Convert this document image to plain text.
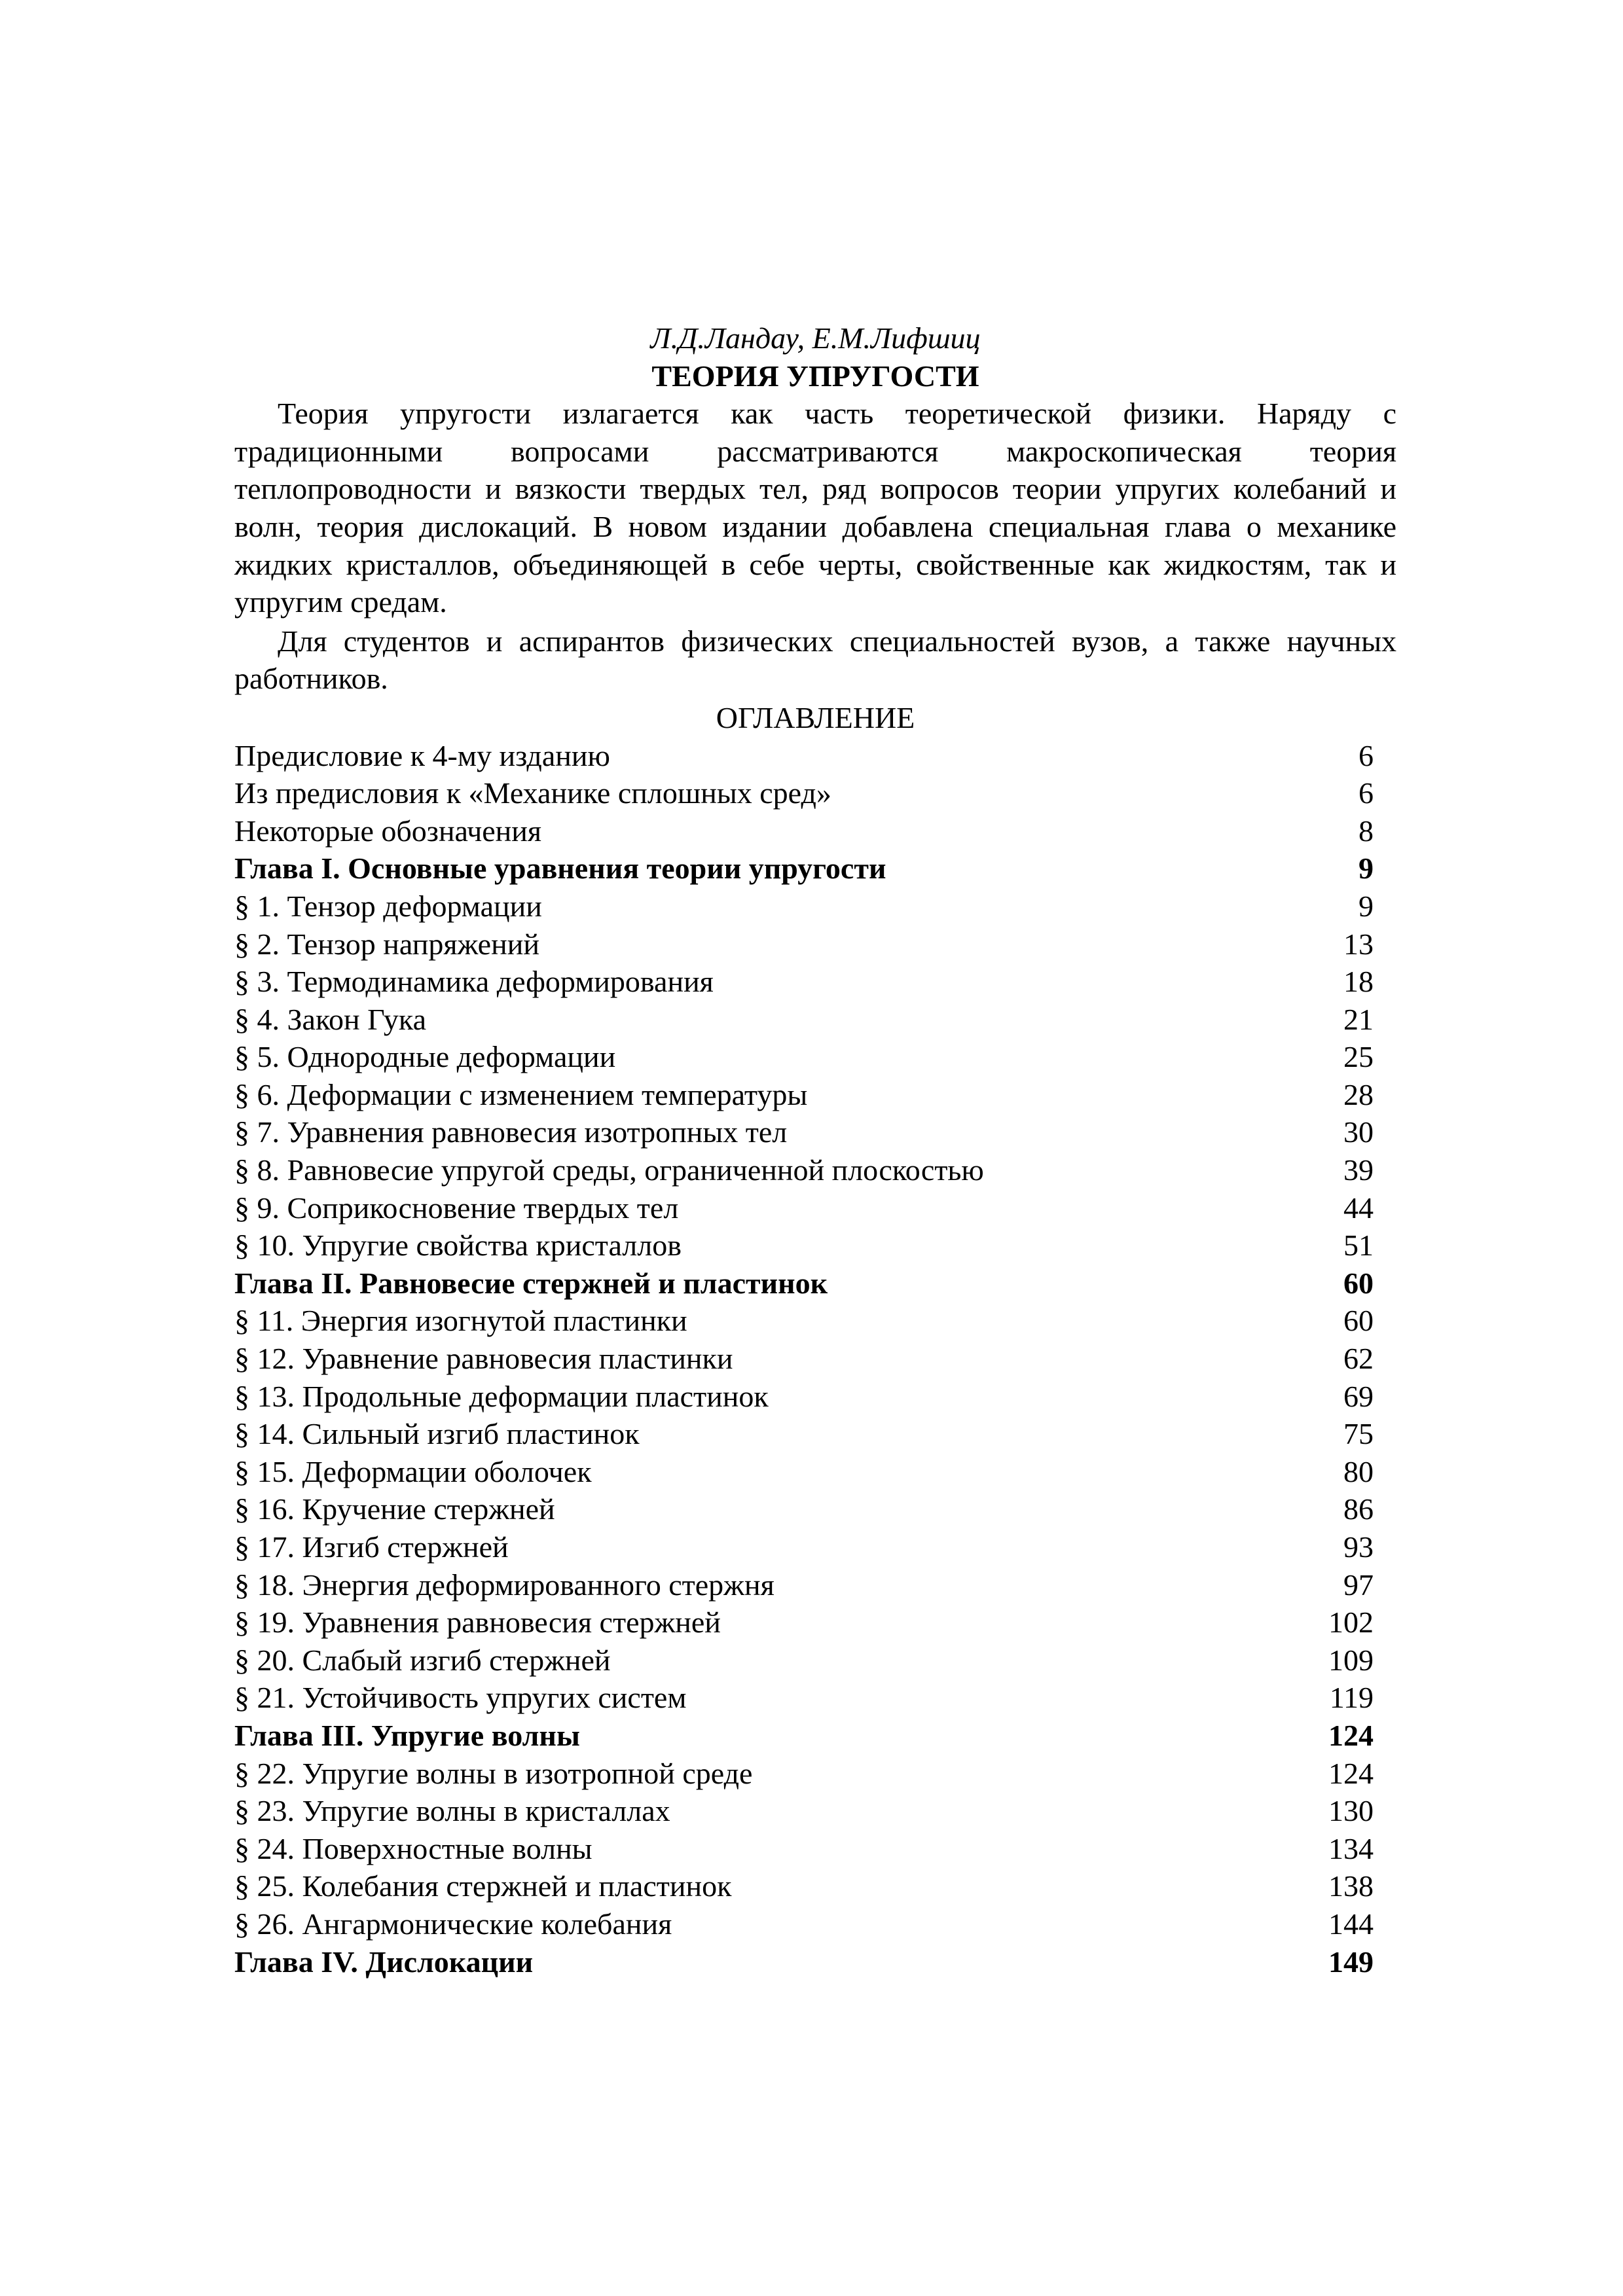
Л.Д.Ландау, Е.М.Лифшиц
ТЕОРИЯ УПРУГОСТИ

Теория упругости излагается как часть теоретической физики. Наряду с традиционными вопросами рассматриваются макроскопическая теория теплопроводности и вязкости твердых тел, ряд вопросов теории упругих колебаний и волн, теория дислокаций. В новом издании добавлена специальная глава о механике жидких кристаллов, объединяющей в себе черты, свойственные как жидкостям, так и упругим средам.

Для студентов и аспирантов физических специальностей вузов, а также научных работников.

ОГЛАВЛЕНИЕ
Предисловие к 4-му изданию	6
Из предисловия к «Механике сплошных сред»	6
Некоторые обозначения	8
Глава I. Основные уравнения теории упругости	9
§ 1. Тензор деформации	9
§ 2. Тензор напряжений	13
§ 3. Термодинамика деформирования	18
§ 4. Закон Гука	21
§ 5. Однородные деформации	25
§ 6. Деформации с изменением температуры	28
§ 7. Уравнения равновесия изотропных тел	30
§ 8. Равновесие упругой среды, ограниченной плоскостью	39
§ 9. Соприкосновение твердых тел	44
§ 10. Упругие свойства кристаллов	51
Глава II. Равновесие стержней и пластинок	60
§ 11. Энергия изогнутой пластинки	60
§ 12. Уравнение равновесия пластинки	62
§ 13. Продольные деформации пластинок	69
§ 14. Сильный изгиб пластинок	75
§ 15. Деформации оболочек	80
§ 16. Кручение стержней	86
§ 17. Изгиб стержней	93
§ 18. Энергия деформированного стержня	97
§ 19. Уравнения равновесия стержней	102
§ 20. Слабый изгиб стержней	109
§ 21. Устойчивость упругих систем	119
Глава III. Упругие волны	124
§ 22. Упругие волны в изотропной среде	124
§ 23. Упругие волны в кристаллах	130
§ 24. Поверхностные волны	134
§ 25. Колебания стержней и пластинок	138
§ 26. Ангармонические колебания	144
Глава IV. Дислокации	149
